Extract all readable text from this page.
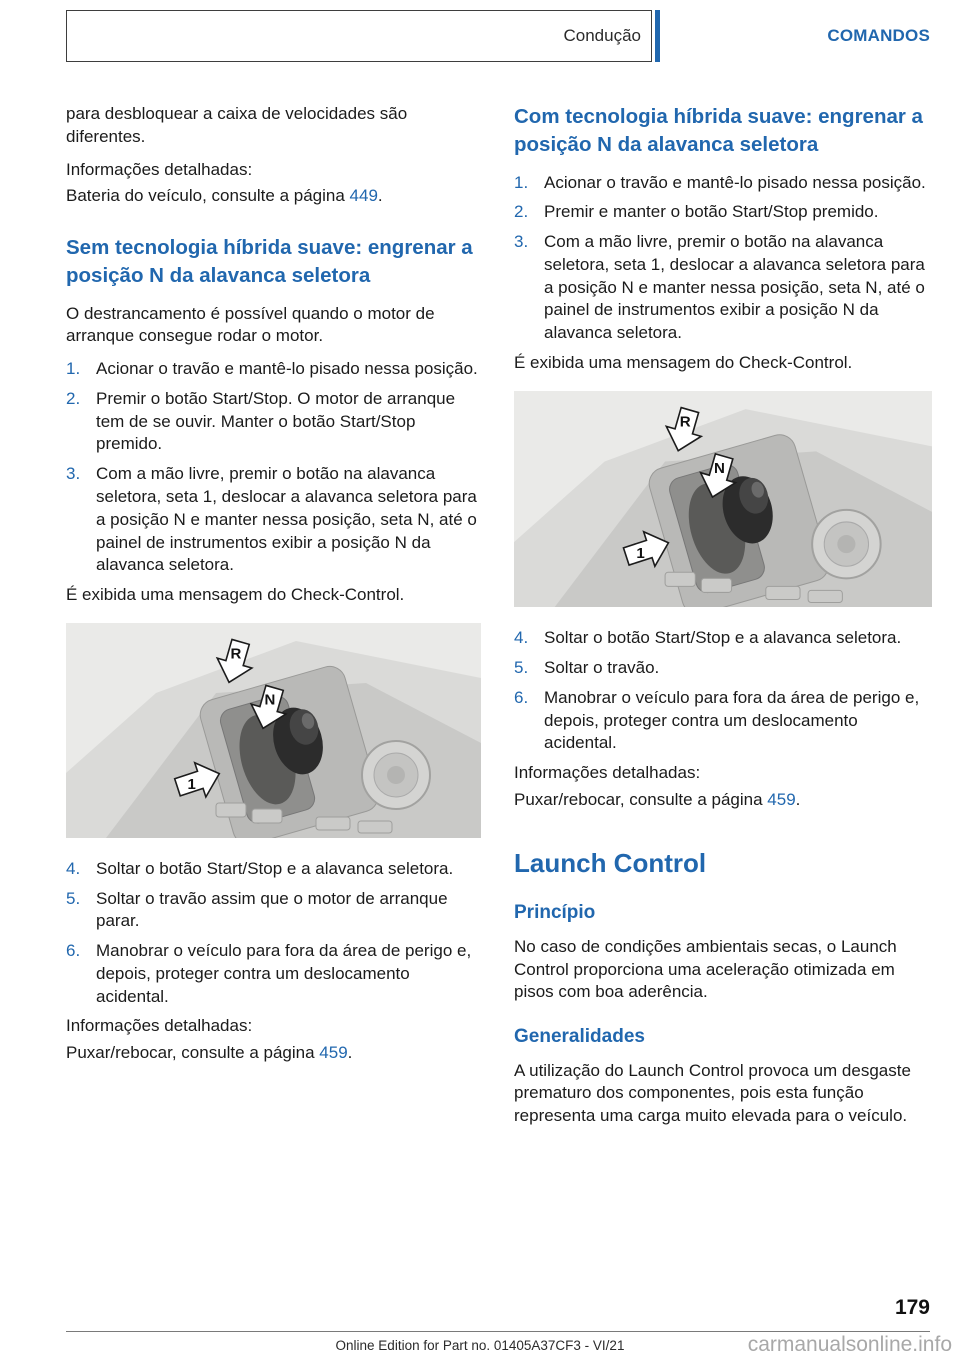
Condução	COMANDOS

para desbloquear a caixa de velocidades são diferentes.

Informações detalhadas:

Bateria do veículo, consulte a página 449.

Sem tecnologia híbrida suave: engrenar a posição N da alavanca seletora

O destrancamento é possível quando o motor de arranque consegue rodar o motor.

1. Acionar o travão e mantê-lo pisado nessa posição.
2. Premir o botão Start/Stop. O motor de arranque tem de se ouvir. Manter o botão Start/Stop premido.
3. Com a mão livre, premir o botão na alavanca seletora, seta 1, deslocar a alavanca seletora para a posição N e manter nessa posição, seta N, até o painel de instrumentos exibir a posição N da alavanca seletora.

É exibida uma mensagem do Check-Control.

R
N
1
4. Soltar o botão Start/Stop e a alavanca seletora.
5. Soltar o travão assim que o motor de arranque parar.
6. Manobrar o veículo para fora da área de perigo e, depois, proteger contra um deslocamento acidental.

Informações detalhadas:

Puxar/rebocar, consulte a página 459.

Com tecnologia híbrida suave: engrenar a posição N da alavanca seletora
1. Acionar o travão e mantê-lo pisado nessa posição.
2. Premir e manter o botão Start/Stop premido.
3. Com a mão livre, premir o botão na alavanca seletora, seta 1, deslocar a alavanca seletora para a posição N e manter nessa posição, seta N, até o painel de instrumentos exibir a posição N da alavanca seletora.

É exibida uma mensagem do Check-Control.

R
N
1
4. Soltar o botão Start/Stop e a alavanca seletora.
5. Soltar o travão.
6. Manobrar o veículo para fora da área de perigo e, depois, proteger contra um deslocamento acidental.

Informações detalhadas:

Puxar/rebocar, consulte a página 459.

Launch Control
Princípio

No caso de condições ambientais secas, o Launch Control proporciona uma aceleração otimizada em pisos com boa aderência.

Generalidades

A utilização do Launch Control provoca um desgaste prematuro dos componentes, pois esta função representa uma carga muito elevada para o veículo.

179
Online Edition for Part no. 01405A37CF3 - VI/21	carmanualsonline.info
